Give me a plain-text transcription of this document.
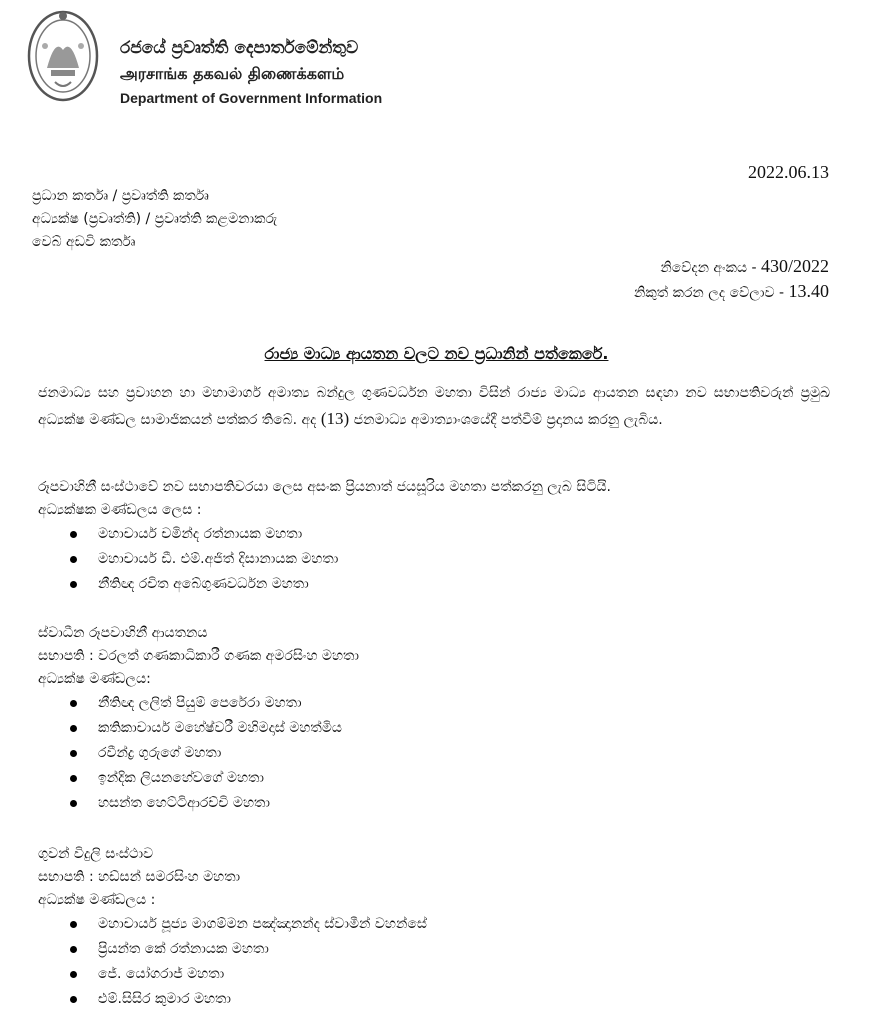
රජයේ ප්‍රවෘත්ති දෙපාර්තමේන්තුව
அரசாங்க தகவல் திணைக்களம்
Department of Government Information
2022.06.13
ප්‍රධාන කර්තෘ / ප්‍රවෘත්ති කර්තෘ
අධ්‍යක්ෂ (ප්‍රවෘත්ති) / ප්‍රවෘත්ති කළමනාකරු
වෙබ් අඩවි කර්තෘ
නිවේදන අංකය - 430/2022
නිකුත් කරන ලද වේලාව - 13.40
රාජ්‍ය මාධ්‍ය ආයතන වලට නව ප්‍රධානින් පත්කෙරේ.
ජනමාධ්‍ය සහ ප්‍රවාහන හා මහාමාර්ග අමාත්‍ය බන්දුල ගුණවර්ධන මහතා විසින් රාජ්‍ය මාධ්‍ය ආයතන සඳහා නව සභාපතිවරුන් ප්‍රමුඛ අධ්‍යක්ෂ මණ්ඩල සාමාජිකයන් පත්කර තිබේ. අද (13) ජනමාධ්‍ය අමාත්‍යාංශයේදී පත්වීම් ප්‍රදානය කරනු ලැබිය.
රූපවාහිනී සංස්ථාවේ නව සභාපතිවරයා ලෙස අසංක ප්‍රියනාත් ජයසූරිය මහතා පත්කරනු ලැබ සිටියි.
අධ්‍යක්ෂක මණ්ඩලය ලෙස :
මහාචාර්ය චමින්ද රත්නායක මහතා
මහාචාර්ය ඩී. එම්.අජිත් දිසානායක මහතා
නීතිඥ රචිත අබේගුණවර්ධන මහතා
ස්වාධීන රූපවාහිනී ආයතනය
සභාපති : වරලත් ගණකාධිකාරී ගණක අමරසිංහ මහතා
අධ්‍යක්ෂ මණ්ඩලය:
නීතිඥ ලලිත් පියුම් පෙරේරා මහතා
කතිකාචාර්ය මහේෂ්වරී මහිමදාස් මහත්මිය
රවීන්ද්‍ර ගුරුගේ මහතා
ඉන්දික ලියනහේවගේ මහතා
හසන්ත හෙට්ටිආරච්චි මහතා
ගුවන් විදුලි සංස්ථාව
සභාපති : හඩ්සන් සමරසිංහ මහතා
අධ්‍යක්ෂ මණ්ඩලය :
මහාචාර්ය පූජ්‍ය මාගම්මන පඤ්ඤානන්ද ස්වාමීන් වහන්සේ
ප්‍රියන්ත කේ රත්නායක මහතා
ජේ. යෝගරාජ් මහතා
එම්.සිසිර කුමාර මහතා
